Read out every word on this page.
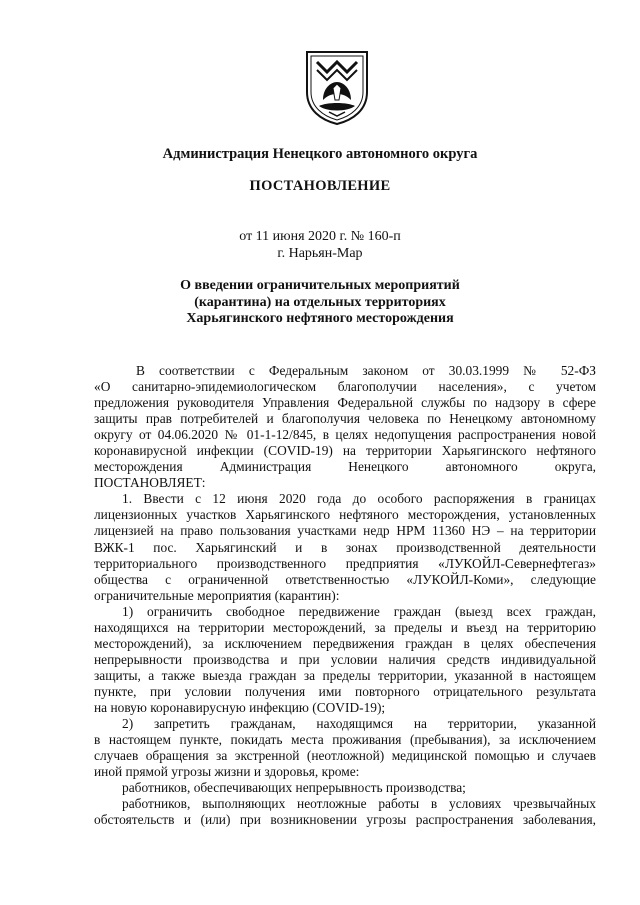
Администрация Ненецкого автономного округа
ПОСТАНОВЛЕНИЕ
от 11 июня 2020 г. № 160-п
г. Нарьян-Мар
О введении ограничительных мероприятий
(карантина) на отдельных территориях
Харьягинского нефтяного месторождения
В соответствии с Федеральным законом от 30.03.1999 № 52-ФЗ
«О санитарно-эпидемиологическом благополучии населения», с учетом
предложения руководителя Управления Федеральной службы по надзору в сфере
защиты прав потребителей и благополучия человека по Ненецкому автономному
округу от 04.06.2020 № 01-1-12/845, в целях недопущения распространения новой
коронавирусной инфекции (COVID-19) на территории Харьягинского нефтяного
месторождения Администрация Ненецкого автономного округа,
ПОСТАНОВЛЯЕТ:
1. Ввести с 12 июня 2020 года до особого распоряжения в границах
лицензионных участков Харьягинского нефтяного месторождения, установленных
лицензией на право пользования участками недр НРМ 11360 НЭ – на территории
ВЖК-1 пос. Харьягинский и в зонах производственной деятельности
территориального производственного предприятия «ЛУКОЙЛ-Севернефтегаз»
общества с ограниченной ответственностью «ЛУКОЙЛ-Коми», следующие
ограничительные мероприятия (карантин):
1) ограничить свободное передвижение граждан (выезд всех граждан,
находящихся на территории месторождений, за пределы и въезд на территорию
месторождений), за исключением передвижения граждан в целях обеспечения
непрерывности производства и при условии наличия средств индивидуальной
защиты, а также выезда граждан за пределы территории, указанной в настоящем
пункте, при условии получения ими повторного отрицательного результата
на новую коронавирусную инфекцию (COVID-19);
2) запретить гражданам, находящимся на территории, указанной
в настоящем пункте, покидать места проживания (пребывания), за исключением
случаев обращения за экстренной (неотложной) медицинской помощью и случаев
иной прямой угрозы жизни и здоровья, кроме:
работников, обеспечивающих непрерывность производства;
работников, выполняющих неотложные работы в условиях чрезвычайных
обстоятельств и (или) при возникновении угрозы распространения заболевания,
